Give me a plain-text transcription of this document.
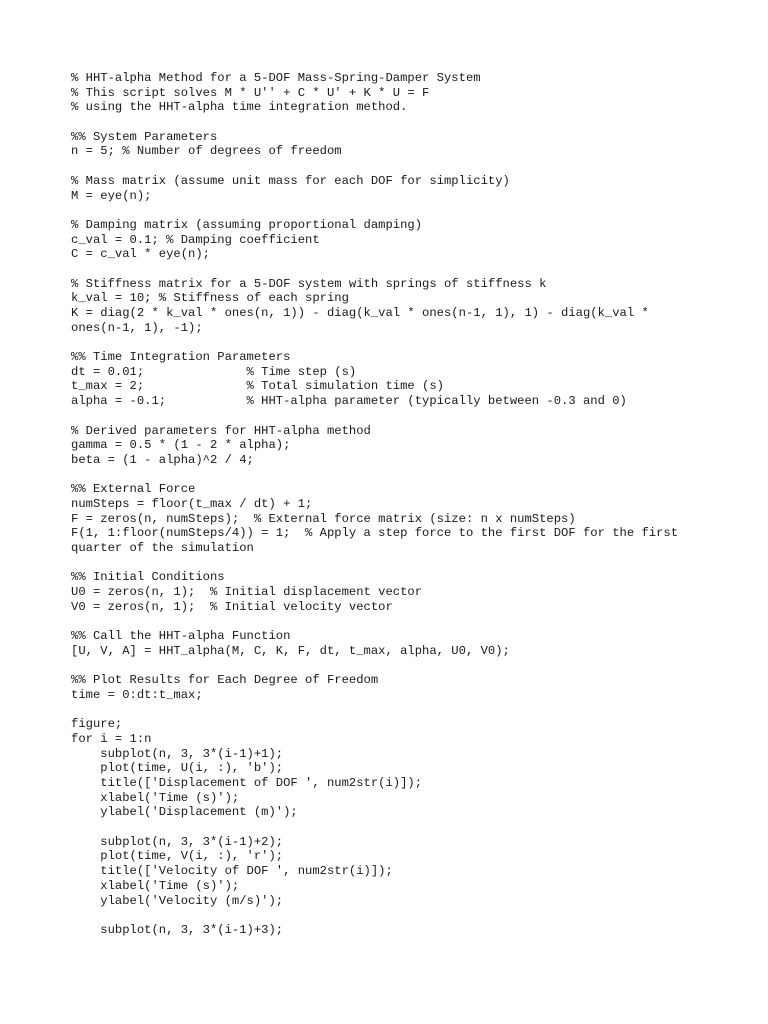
% HHT-alpha Method for a 5-DOF Mass-Spring-Damper System
% This script solves M * U'' + C * U' + K * U = F
% using the HHT-alpha time integration method.
%% System Parameters
n = 5; % Number of degrees of freedom
% Mass matrix (assume unit mass for each DOF for simplicity)
M = eye(n);
% Damping matrix (assuming proportional damping)
c_val = 0.1; % Damping coefficient
C = c_val * eye(n);
% Stiffness matrix for a 5-DOF system with springs of stiffness k
k_val = 10; % Stiffness of each spring
K = diag(2 * k_val * ones(n, 1)) - diag(k_val * ones(n-1, 1), 1) - diag(k_val *
ones(n-1, 1), -1);
%% Time Integration Parameters
dt = 0.01;              % Time step (s)
t_max = 2;              % Total simulation time (s)
alpha = -0.1;           % HHT-alpha parameter (typically between -0.3 and 0)
% Derived parameters for HHT-alpha method
gamma = 0.5 * (1 - 2 * alpha);
beta = (1 - alpha)^2 / 4;
%% External Force
numSteps = floor(t_max / dt) + 1;
F = zeros(n, numSteps);  % External force matrix (size: n x numSteps)
F(1, 1:floor(numSteps/4)) = 1;  % Apply a step force to the first DOF for the first
quarter of the simulation
%% Initial Conditions
U0 = zeros(n, 1);  % Initial displacement vector
V0 = zeros(n, 1);  % Initial velocity vector
%% Call the HHT-alpha Function
[U, V, A] = HHT_alpha(M, C, K, F, dt, t_max, alpha, U0, V0);
%% Plot Results for Each Degree of Freedom
time = 0:dt:t_max;
figure;
for i = 1:n
subplot(n, 3, 3*(i-1)+1);
plot(time, U(i, :), 'b');
title(['Displacement of DOF ', num2str(i)]);
xlabel('Time (s)');
ylabel('Displacement (m)');
subplot(n, 3, 3*(i-1)+2);
plot(time, V(i, :), 'r');
title(['Velocity of DOF ', num2str(i)]);
xlabel('Time (s)');
ylabel('Velocity (m/s)');
subplot(n, 3, 3*(i-1)+3);
